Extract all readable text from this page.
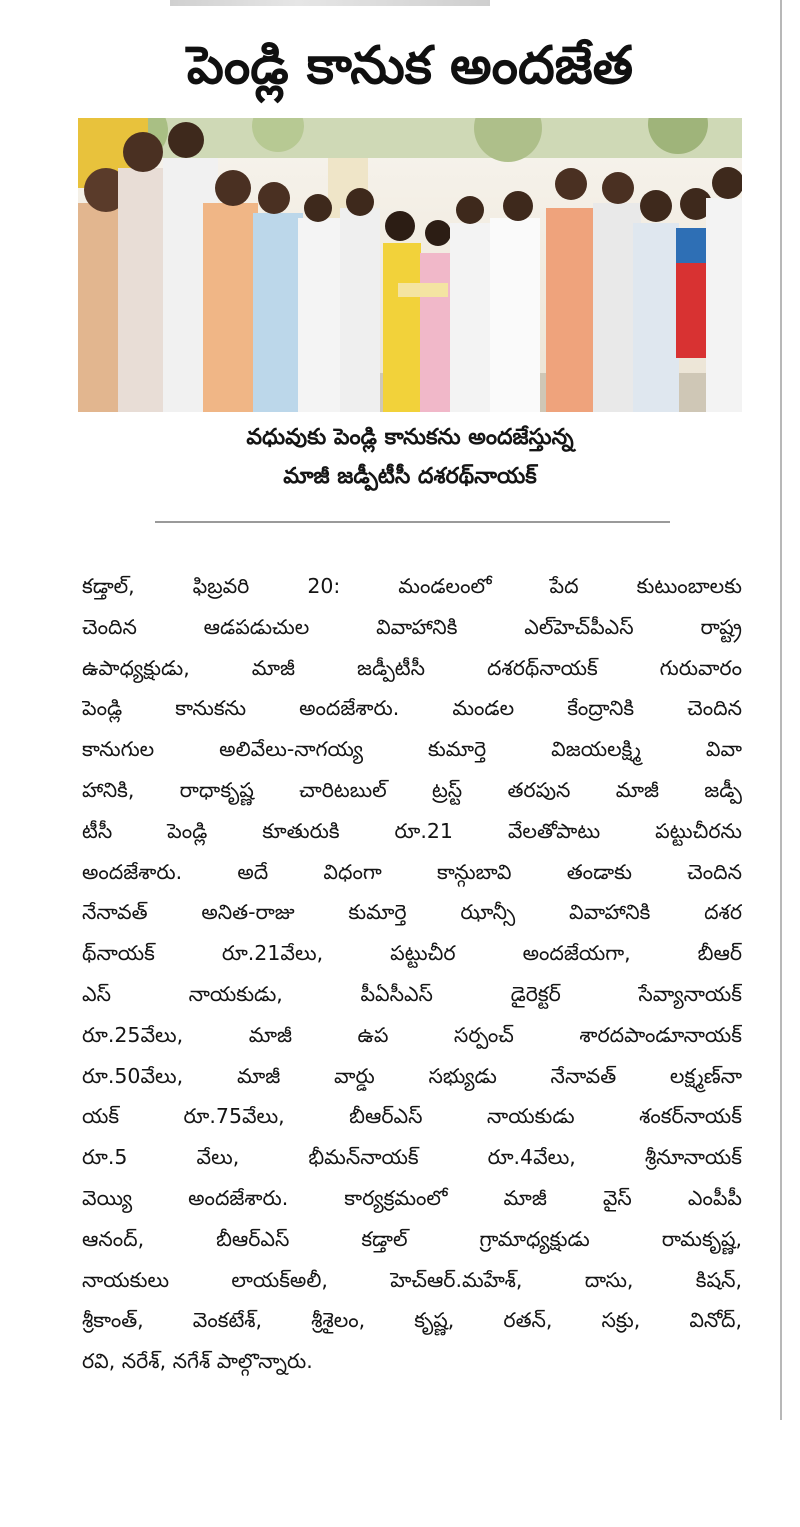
పెండ్లి కానుక అందజేత
వధువుకు పెండ్లి కానుకను అందజేస్తున్న
మాజీ జడ్పీటీసీ దశరథ్‌నాయక్
కడ్తాల్, ఫిబ్రవరి 20: మండలంలో పేద కుటుంబాలకు
చెందిన ఆడపడుచుల వివాహానికి ఎల్‌హెచ్‌పీఎస్ రాష్ట్ర
ఉపాధ్యక్షుడు, మాజీ జడ్పీటీసీ దశరథ్‌నాయక్ గురువారం
పెండ్లి కానుకను అందజేశారు. మండల కేంద్రానికి చెందిన
కానుగుల అలివేలు-నాగయ్య కుమార్తె విజయలక్ష్మి వివా
హానికి, రాధాకృష్ణ చారిటబుల్ ట్రస్ట్ తరపున మాజీ జడ్పీ
టీసీ పెండ్లి కూతురుకి రూ.21 వేలతోపాటు పట్టుచీరను
అందజేశారు. అదే విధంగా కాన్గుబావి తండాకు చెందిన
నేనావత్ అనిత-రాజు కుమార్తె ఝాన్సీ వివాహానికి దశర
థ్‌నాయక్ రూ.21వేలు, పట్టుచీర అందజేయగా, బీఆర్
ఎస్ నాయకుడు, పీఏసీఎస్ డైరెక్టర్ సేవ్యానాయక్
రూ.25వేలు, మాజీ ఉప సర్పంచ్ శారదపాండూనాయక్
రూ.50వేలు, మాజీ వార్డు సభ్యుడు నేనావత్ లక్ష్మణ్‌నా
యక్ రూ.75వేలు, బీఆర్‌ఎస్ నాయకుడు శంకర్‌నాయక్
రూ.5 వేలు, భీమన్‌నాయక్ రూ.4వేలు, శ్రీనూనాయక్
వెయ్యి అందజేశారు. కార్యక్రమంలో మాజీ వైస్ ఎంపీపీ
ఆనంద్, బీఆర్‌ఎస్ కడ్తాల్ గ్రామాధ్యక్షుడు రామకృష్ణ,
నాయకులు లాయక్‌అలీ, హెచ్‌ఆర్.మహేశ్, దాసు, కిషన్,
శ్రీకాంత్, వెంకటేశ్, శ్రీశైలం, కృష్ణ, రతన్, సక్రు, వినోద్,
రవి, నరేశ్, నగేశ్ పాల్గొన్నారు.
